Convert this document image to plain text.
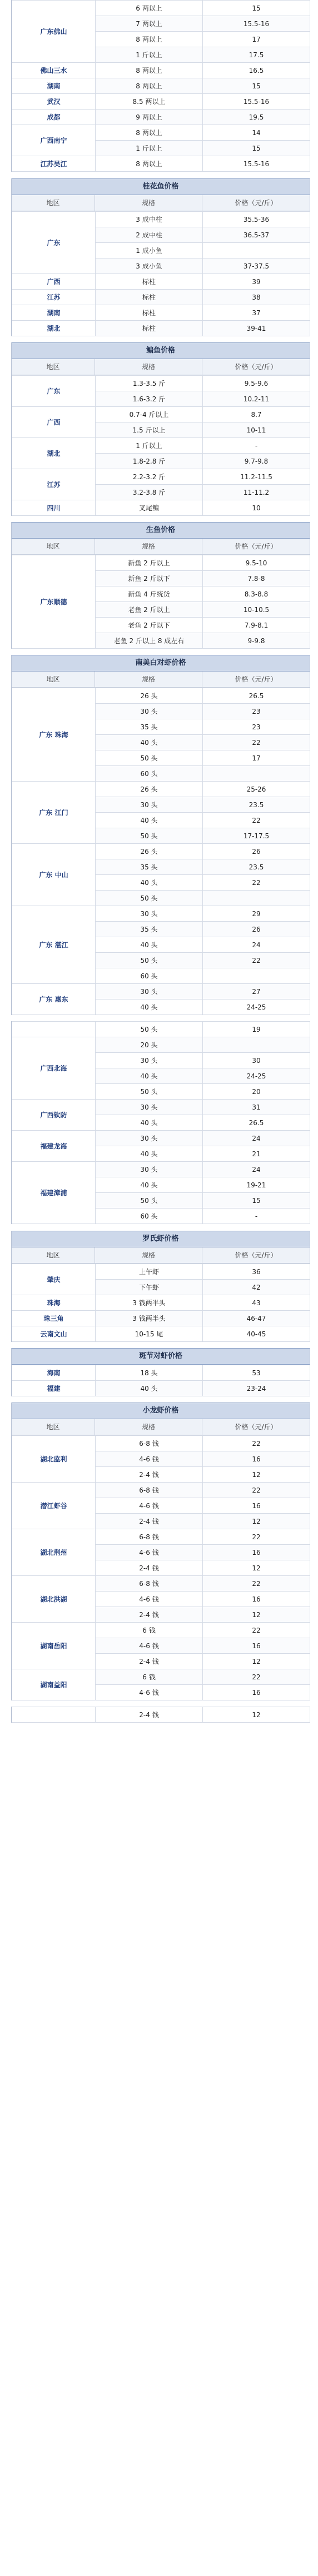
广东佛山	6 两以上	15
	7 两以上	15.5-16
	8 两以上	17
	1 斤以上	17.5
佛山三水	8 两以上	16.5
湖南	8 两以上	15
武汉	8.5 两以上	15.5-16
成都	9 两以上	19.5
广西南宁	8 两以上	14
	1 斤以上	15
江苏吴江	8 两以上	15.5-16
桂花鱼价格
地区	规格	价格（元/斤）
广东	3 成中柱	35.5-36
	2 成中柱	36.5-37
	1 成小鱼	
	3 成小鱼	37-37.5
广西	标柱	39
江苏	标柱	38
湖南	标柱	37
湖北	标柱	39-41
鳊鱼价格
地区	规格	价格（元/斤）
广东	1.3-3.5 斤	9.5-9.6
	1.6-3.2 斤	10.2-11
广西	0.7-4 斤以上	8.7
	1.5 斤以上	10-11
湖北	1 斤以上	-
	1.8-2.8 斤	9.7-9.8
江苏	2.2-3.2 斤	11.2-11.5
	3.2-3.8 斤	11-11.2
四川	叉尾鳊	10
生鱼价格
地区	规格	价格（元/斤）
广东顺德	新鱼 2 斤以上	9.5-10
	新鱼 2 斤以下	7.8-8
	新鱼 4 斤统货	8.3-8.8
	老鱼 2 斤以上	10-10.5
	老鱼 2 斤以下	7.9-8.1
	老鱼 2 斤以上 8 成左右	9-9.8
南美白对虾价格
地区	规格	价格（元/斤）
广东 珠海	26 头	26.5
	30 头	23
	35 头	23
	40 头	22
	50 头	17
	60 头	
广东 江门	26 头	25-26
	30 头	23.5
	40 头	22
	50 头	17-17.5
广东 中山	26 头	26
	35 头	23.5
	40 头	22
	50 头	
广东 湛江	30 头	29
	35 头	26
	40 头	24
	50 头	22
	60 头	
广东 惠东	30 头	27
	40 头	24-25
	50 头	19
广西北海	20 头	
	30 头	30
	40 头	24-25
	50 头	20
广西钦防	30 头	31
	40 头	26.5
福建龙海	30 头	24
	40 头	21
福建漳浦	30 头	24
	40 头	19-21
	50 头	15
	60 头	-
罗氏虾价格
地区	规格	价格（元/斤）
肇庆	上午虾	36
	下午虾	42
珠海	3 钱两半头	43
珠三角	3 钱两半头	46-47
云南文山	10-15 尾	40-45
斑节对虾价格
海南	18 头	53
福建	40 头	23-24
小龙虾价格
地区	规格	价格（元/斤）
湖北监利	6-8 钱	22
	4-6 钱	16
	2-4 钱	12
潜江虾谷	6-8 钱	22
	4-6 钱	16
	2-4 钱	12
湖北荆州	6-8 钱	22
	4-6 钱	16
	2-4 钱	12
湖北洪湖	6-8 钱	22
	4-6 钱	16
	2-4 钱	12
湖南岳阳	6 钱	22
	4-6 钱	16
	2-4 钱	12
湖南益阳	6 钱	22
	4-6 钱	16
	2-4 钱	12
